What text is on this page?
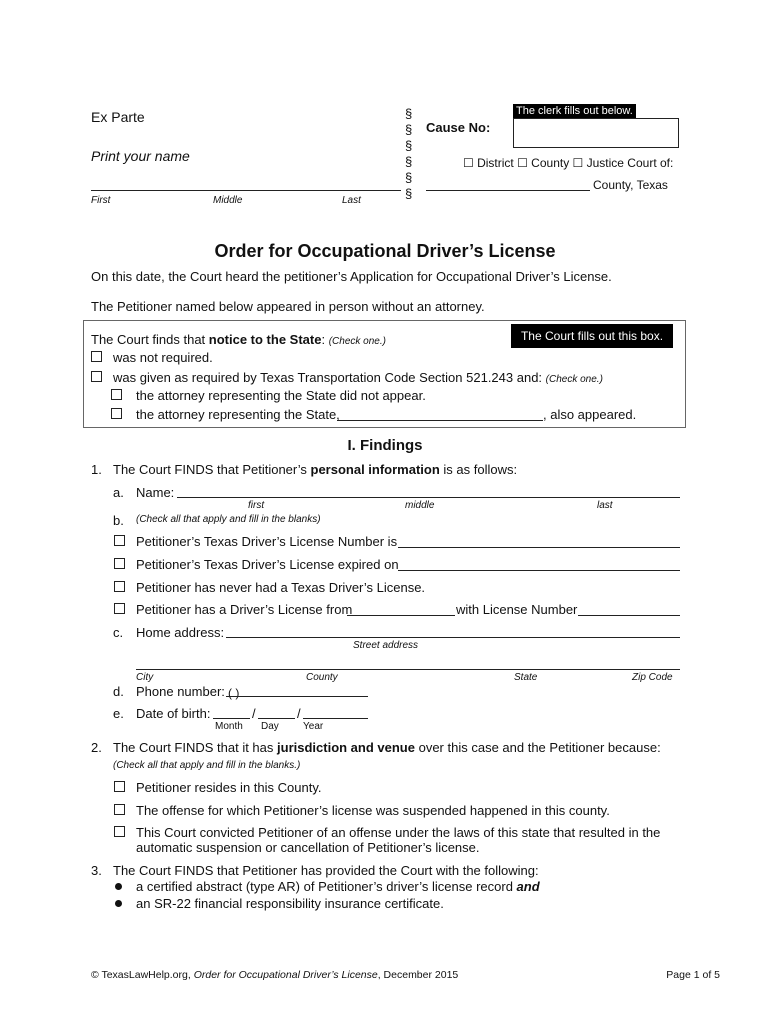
Ex Parte
Print your name
First	Middle	Last
§
§
§
§
§
§
The clerk fills out below.
Cause No:
☐ District ☐ County ☐ Justice Court of:
County, Texas
Order for Occupational Driver’s License
On this date, the Court heard the petitioner’s Application for Occupational Driver’s License.
The Petitioner named below appeared in person without an attorney.
The Court fills out this box.
The Court finds that notice to the State: (Check one.)
was not required.
was given as required by Texas Transportation Code Section 521.243 and: (Check one.)
the attorney representing the State did not appear.
the attorney representing the State,	, also appeared.
I. Findings
1. The Court FINDS that Petitioner’s personal information is as follows:
a. Name:
first	middle	last
b. (Check all that apply and fill in the blanks)
Petitioner’s Texas Driver’s License Number is
Petitioner’s Texas Driver’s License expired on
Petitioner has never had a Texas Driver’s License.
Petitioner has a Driver’s License from	with License Number
c. Home address:
Street address
City	County	State	Zip Code
d. Phone number: ( )
e. Date of birth:	/	/
Month Day Year
2. The Court FINDS that it has jurisdiction and venue over this case and the Petitioner because:
(Check all that apply and fill in the blanks.)
Petitioner resides in this County.
The offense for which Petitioner’s license was suspended happened in this county.
This Court convicted Petitioner of an offense under the laws of this state that resulted in the
automatic suspension or cancellation of Petitioner’s license.
3. The Court FINDS that Petitioner has provided the Court with the following:
a certified abstract (type AR) of Petitioner’s driver’s license record and
an SR-22 financial responsibility insurance certificate.
© TexasLawHelp.org, Order for Occupational Driver’s License, December 2015	Page 1 of 5
